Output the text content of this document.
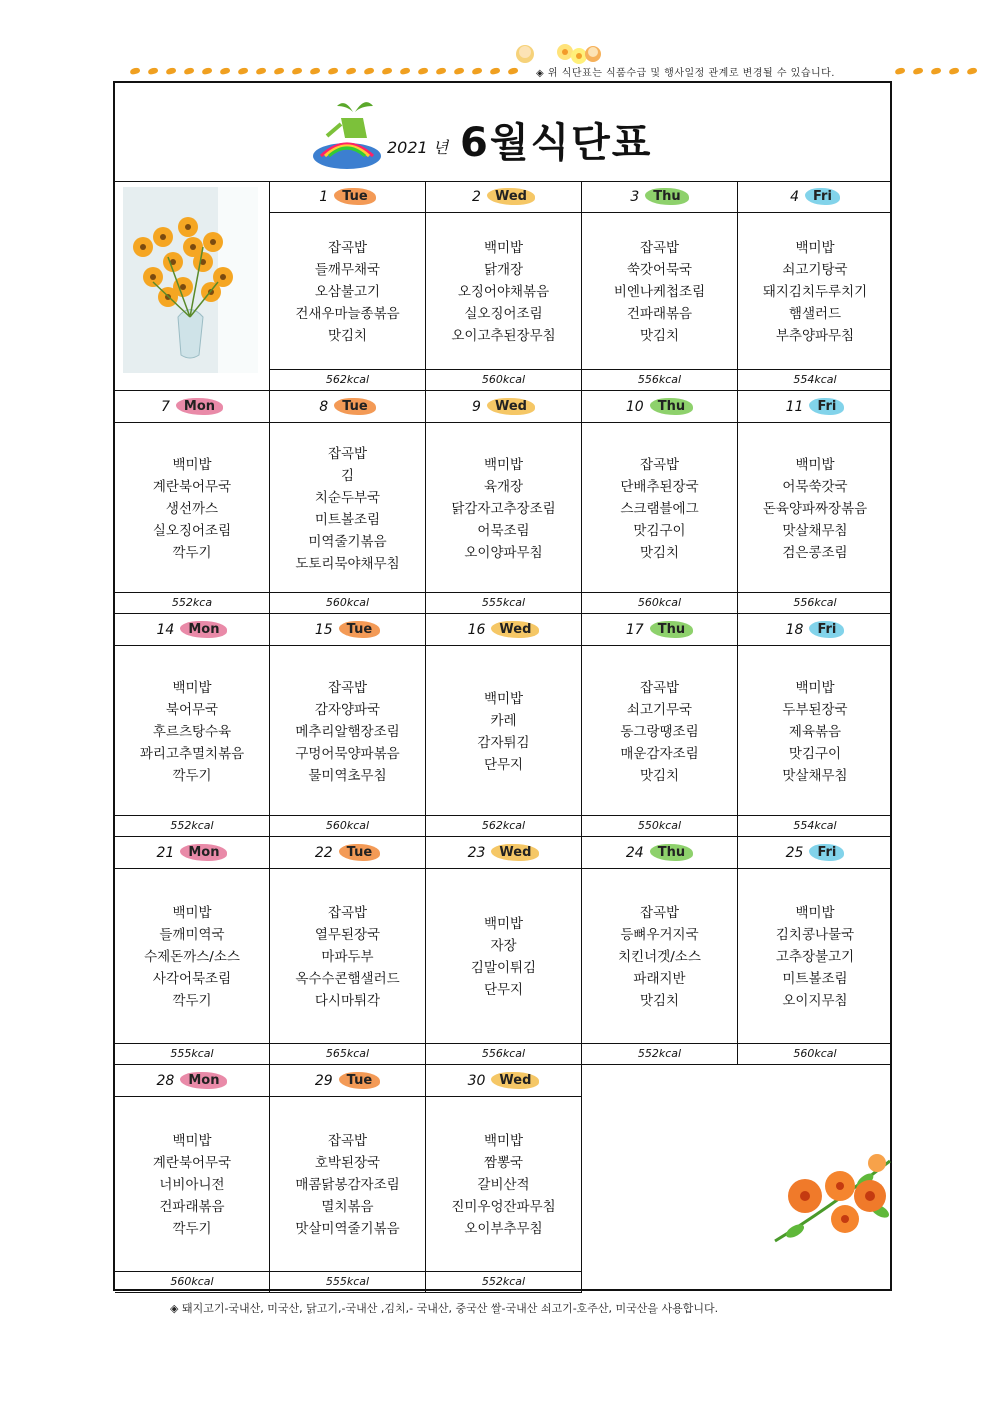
◈ 위 식단표는 식품수급 및 행사일정 관계로 변경될 수 있습니다.
2021 년 6월식단표
1	Tue
잡곡밥
들깨무채국
오삼불고기
건새우마늘종볶음
맛김치
562kcal
2	Wed
백미밥
닭개장
오징어야채볶음
실오징어조림
오이고추된장무침
560kcal
3	Thu
잡곡밥
쑥갓어묵국
비엔나케첩조림
건파래볶음
맛김치
556kcal
4	Fri
백미밥
쇠고기탕국
돼지김치두루치기
햄샐러드
부추양파무침
554kcal
7	Mon
백미밥
계란북어무국
생선까스
실오징어조림
깍두기
552kca
8	Tue
잡곡밥
김
치순두부국
미트볼조림
미역줄기볶음
도토리묵야채무침
560kcal
9	Wed
백미밥
육개장
닭감자고추장조림
어묵조림
오이양파무침
555kcal
10	Thu
잡곡밥
단배추된장국
스크램블에그
맛김구이
맛김치
560kcal
11	Fri
백미밥
어묵쑥갓국
돈육양파짜장볶음
맛살채무침
검은콩조림
556kcal
14	Mon
백미밥
북어무국
후르츠탕수육
꽈리고추멸치볶음
깍두기
552kcal
15	Tue
잡곡밥
감자양파국
메추리알햄장조림
구멍어묵양파볶음
물미역초무침
560kcal
16	Wed
백미밥
카레
감자튀김
단무지
562kcal
17	Thu
잡곡밥
쇠고기무국
동그랑땡조림
매운감자조림
맛김치
550kcal
18	Fri
백미밥
두부된장국
제육볶음
맛김구이
맛살채무침
554kcal
21	Mon
백미밥
들깨미역국
수제돈까스/소스
사각어묵조림
깍두기
555kcal
22	Tue
잡곡밥
열무된장국
마파두부
옥수수콘햄샐러드
다시마튀각
565kcal
23	Wed
백미밥
자장
김말이튀김
단무지
556kcal
24	Thu
잡곡밥
등뼈우거지국
치킨너겟/소스
파래지반
맛김치
552kcal
25	Fri
백미밥
김치콩나물국
고추장불고기
미트볼조림
오이지무침
560kcal
28	Mon
백미밥
계란북어무국
너비아니전
건파래볶음
깍두기
560kcal
29	Tue
잡곡밥
호박된장국
매콤닭봉감자조림
멸치볶음
맛살미역줄기볶음
555kcal
30	Wed
백미밥
짬뽕국
갈비산적
진미우엉잔파무침
오이부추무침
552kcal
◈ 돼지고기-국내산, 미국산, 닭고기,-국내산 ,김치,- 국내산, 중국산 쌀-국내산 쇠고기-호주산, 미국산을 사용합니다.
